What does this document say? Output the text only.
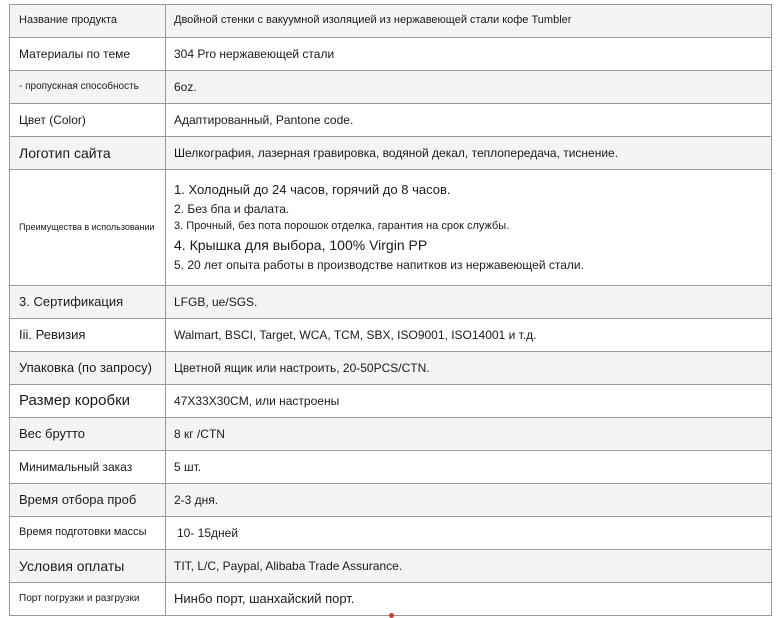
Название продукта	Двойной стенки с вакуумной изоляцией из нержавеющей стали кофе Tumbler
Материалы по теме	304 Pro нержавеющей стали
- пропускная способность	6oz.
Цвет (Color)	Адаптированный, Pantone code.
Логотип сайта	Шелкография, лазерная гравировка, водяной декал, теплопередача, тиснение.
Преимущества в использовании	1. Холодный до 24 часов, горячий до 8 часов.
2. Без бпа и фалата.
3. Прочный, без пота порошок отделка, гарантия на срок службы.
4. Крышка для выбора, 100% Virgin PP
5. 20 лет опыта работы в производстве напитков из нержавеющей стали.

3. Сертификация	LFGB, ue/SGS.
Iii. Ревизия	Walmart, BSCI, Target, WCA, TCM, SBX, ISO9001, ISO14001 и т.д.
Упаковка (по запросу)	Цветной ящик или настроить, 20-50PCS/CTN.
Размер коробки	47X33X30CM, или настроены
Вес брутто	8 кг /CTN
Минимальный заказ	5 шт.
Время отбора проб	2-3 дня.
Время подготовки массы	10- 15дней
Условия оплаты	TIT, L/C, Paypal, Alibaba Trade Assurance.
Порт погрузки и разгрузки	Нинбо порт, шанхайский порт.
